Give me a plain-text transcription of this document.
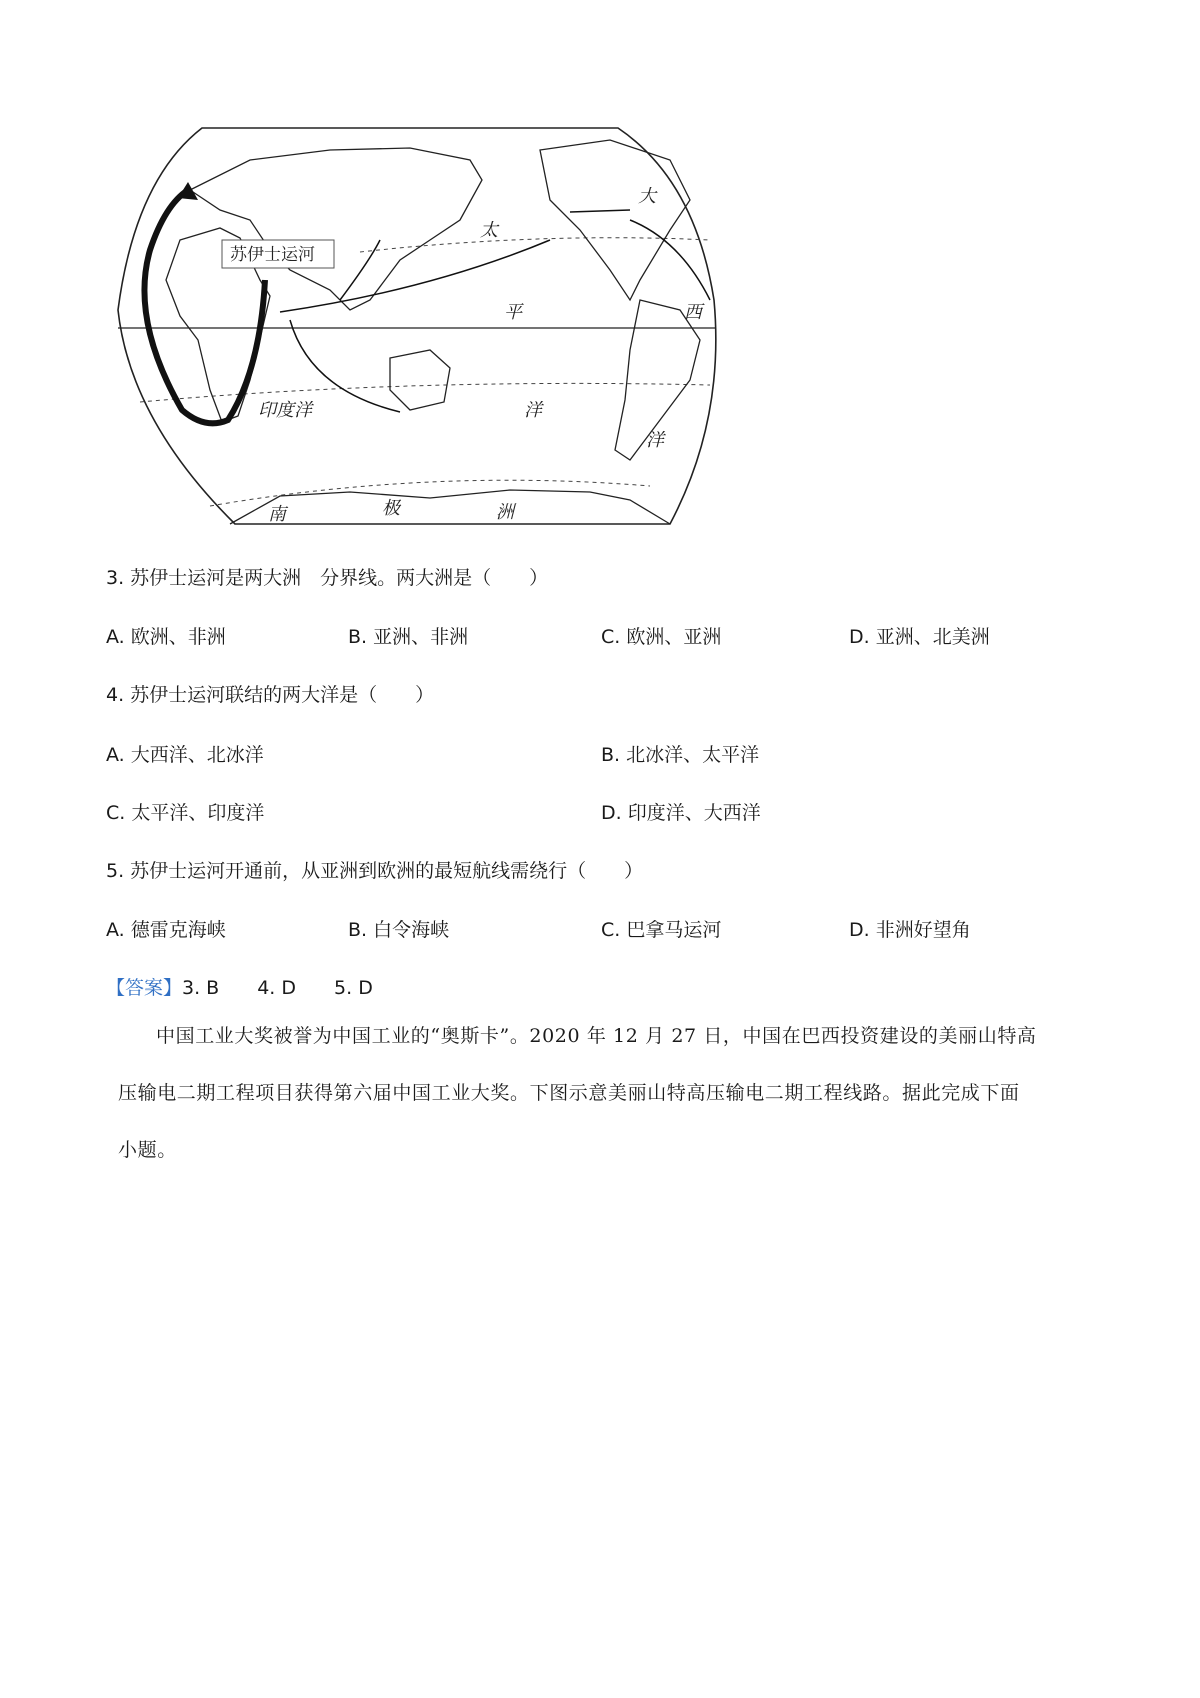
苏伊士运河
太
平
洋
印度洋
大
西
洋
南	极	洲
3. 苏伊士运河是两大洲　分界线。两大洲是（　　）
A. 欧洲、非洲	B. 亚洲、非洲	C. 欧洲、亚洲	D. 亚洲、北美洲
4. 苏伊士运河联结的两大洋是（　　）
A. 大西洋、北冰洋	B. 北冰洋、太平洋
C. 太平洋、印度洋	D. 印度洋、大西洋
5. 苏伊士运河开通前，从亚洲到欧洲的最短航线需绕行（　　）
A. 德雷克海峡	B. 白令海峡	C. 巴拿马运河	D. 非洲好望角
【答案】3. B 4. D 5. D
中国工业大奖被誉为中国工业的“奥斯卡”。2020 年 12 月 27 日，中国在巴西投资建设的美丽山特高
压输电二期工程项目获得第六届中国工业大奖。下图示意美丽山特高压输电二期工程线路。据此完成下面
小题。
